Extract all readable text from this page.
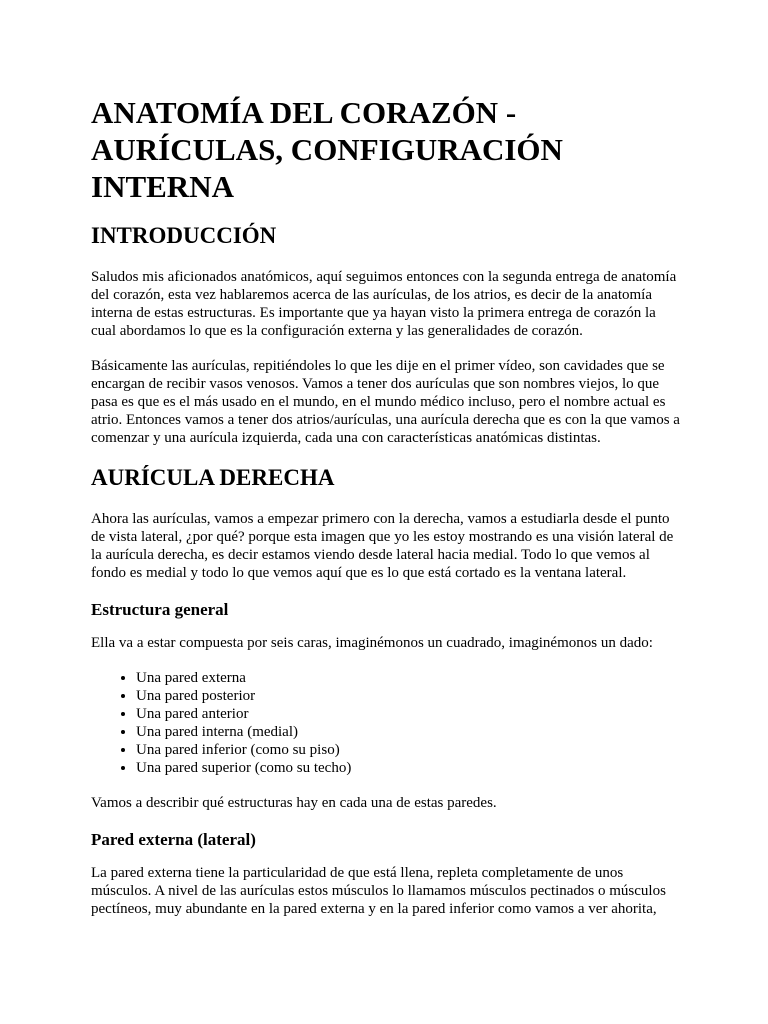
ANATOMÍA DEL CORAZÓN - AURÍCULAS, CONFIGURACIÓN INTERNA
INTRODUCCIÓN

Saludos mis aficionados anatómicos, aquí seguimos entonces con la segunda entrega de anatomía del corazón, esta vez hablaremos acerca de las aurículas, de los atrios, es decir de la anatomía interna de estas estructuras. Es importante que ya hayan visto la primera entrega de corazón la cual abordamos lo que es la configuración externa y las generalidades de corazón.

Básicamente las aurículas, repitiéndoles lo que les dije en el primer vídeo, son cavidades que se encargan de recibir vasos venosos. Vamos a tener dos aurículas que son nombres viejos, lo que pasa es que es el más usado en el mundo, en el mundo médico incluso, pero el nombre actual es atrio. Entonces vamos a tener dos atrios/aurículas, una aurícula derecha que es con la que vamos a comenzar y una aurícula izquierda, cada una con características anatómicas distintas.

AURÍCULA DERECHA

Ahora las aurículas, vamos a empezar primero con la derecha, vamos a estudiarla desde el punto de vista lateral, ¿por qué? porque esta imagen que yo les estoy mostrando es una visión lateral de la aurícula derecha, es decir estamos viendo desde lateral hacia medial. Todo lo que vemos al fondo es medial y todo lo que vemos aquí que es lo que está cortado es la ventana lateral.

Estructura general

Ella va a estar compuesta por seis caras, imaginémonos un cuadrado, imaginémonos un dado:

• Una pared externa
• Una pared posterior
• Una pared anterior
• Una pared interna (medial)
• Una pared inferior (como su piso)
• Una pared superior (como su techo)

Vamos a describir qué estructuras hay en cada una de estas paredes.

Pared externa (lateral)

La pared externa tiene la particularidad de que está llena, repleta completamente de unos músculos. A nivel de las aurículas estos músculos lo llamamos músculos pectinados o músculos pectíneos, muy abundante en la pared externa y en la pared inferior como vamos a ver ahorita,
